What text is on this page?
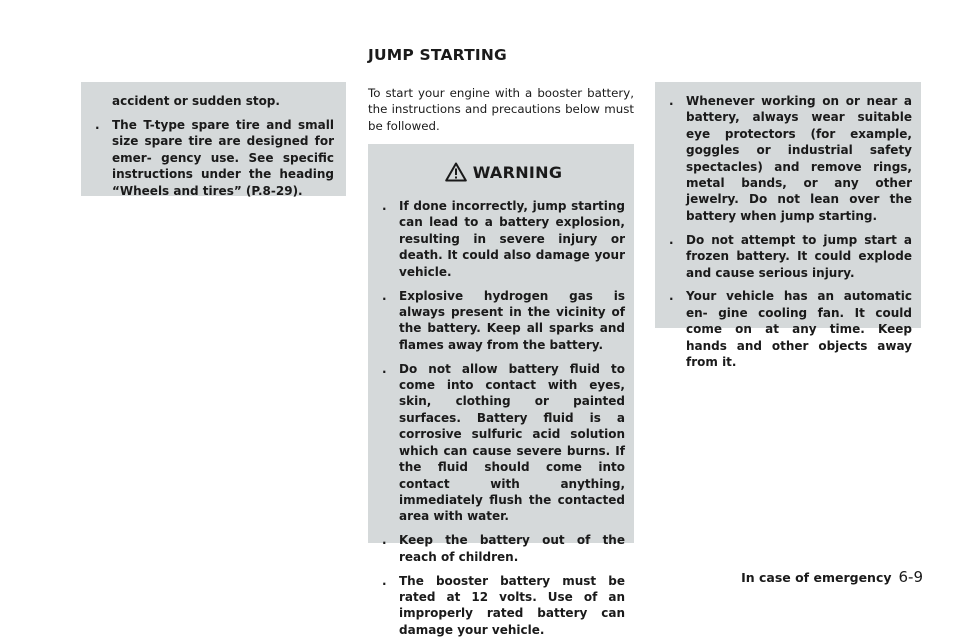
JUMP STARTING

accident or sudden stop.

. The T-type spare tire and small size spare tire are designed for emer- gency use. See specific instructions under the heading “Wheels and tires” (P.8-29).

To start your engine with a booster battery, the instructions and precautions below must be followed.

WARNING
. If done incorrectly, jump starting can lead to a battery explosion, resulting in severe injury or death. It could also damage your vehicle.
. Explosive hydrogen gas is always present in the vicinity of the battery. Keep all sparks and flames away from the battery.
. Do not allow battery fluid to come into contact with eyes, skin, clothing or painted surfaces. Battery fluid is a corrosive sulfuric acid solution which can cause severe burns. If the fluid should come into contact with anything, immediately flush the contacted area with water.
. Keep the battery out of the reach of children.
. The booster battery must be rated at 12 volts. Use of an improperly rated battery can damage your vehicle.
. Whenever working on or near a battery, always wear suitable eye protectors (for example, goggles or industrial safety spectacles) and remove rings, metal bands, or any other jewelry. Do not lean over the battery when jump starting.
. Do not attempt to jump start a frozen battery. It could explode and cause serious injury.
. Your vehicle has an automatic en- gine cooling fan. It could come on at any time. Keep hands and other objects away from it.
In case of emergency 6-9
